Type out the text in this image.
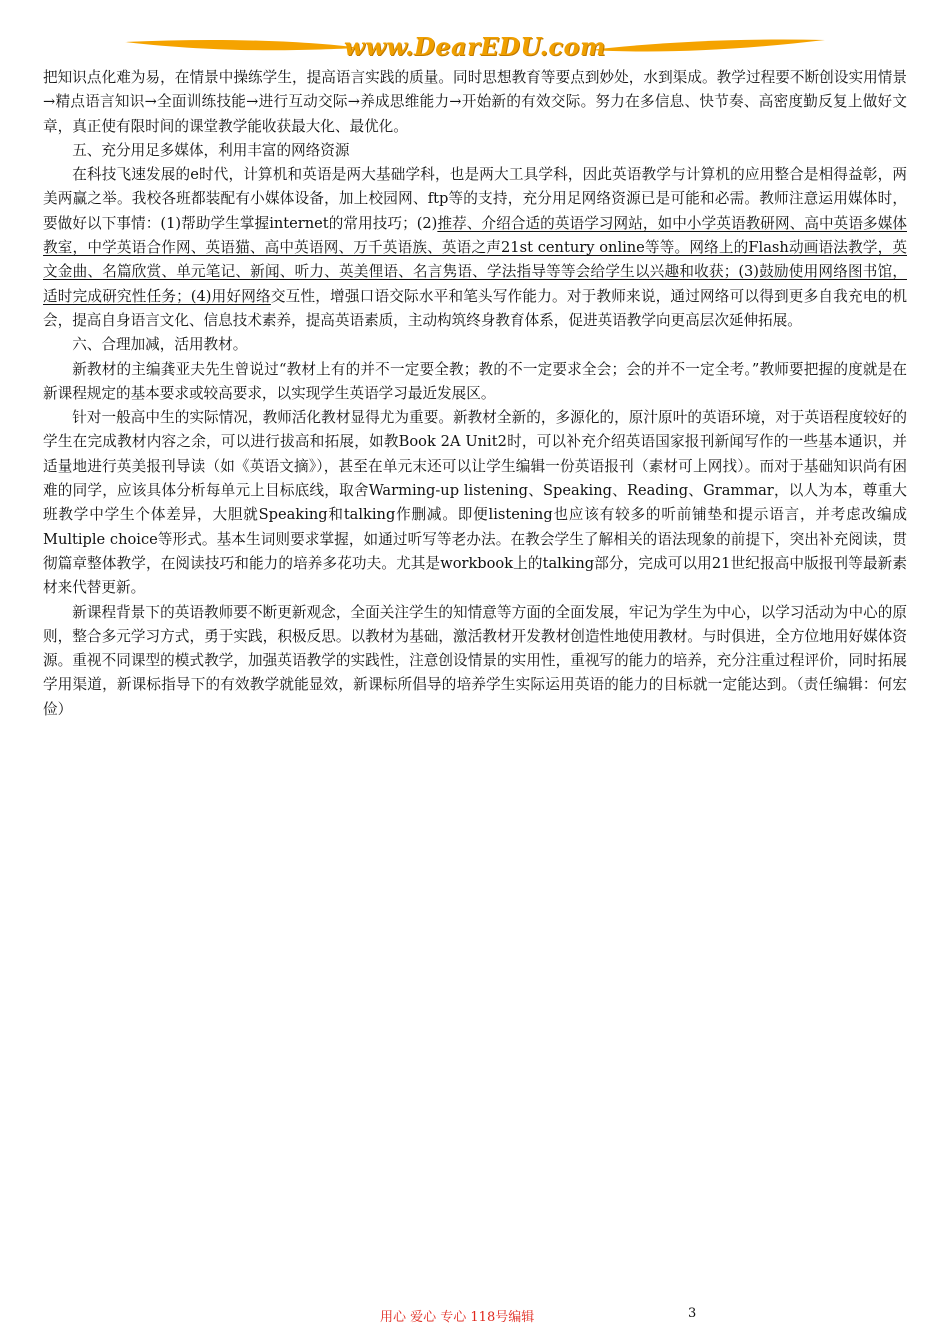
www.DearEDU.com

把知识点化难为易，在情景中操练学生，提高语言实践的质量。同时思想教育等要点到妙处，水到渠成。教学过程要不断创设实用情景→精点语言知识→全面训练技能→进行互动交际→养成思维能力→开始新的有效交际。努力在多信息、快节奏、高密度勤反复上做好文章，真正使有限时间的课堂教学能收获最大化、最优化。

五、充分用足多媒体，利用丰富的网络资源

在科技飞速发展的e时代，计算机和英语是两大基础学科，也是两大工具学科，因此英语教学与计算机的应用整合是相得益彰，两美两赢之举。我校各班都装配有小媒体设备，加上校园网、ftp等的支持，充分用足网络资源已是可能和必需。教师注意运用媒体时，要做好以下事情：(1)帮助学生掌握internet的常用技巧；(2)推荐、介绍合适的英语学习网站，如中小学英语教研网、高中英语多媒体教室，中学英语合作网、英语猫、高中英语网、万千英语族、英语之声21st century online等等。网络上的Flash动画语法教学，英文金曲、名篇欣赏、单元笔记、新闻、听力、英美俚语、名言隽语、学法指导等等会给学生以兴趣和收获；(3)鼓励使用网络图书馆，适时完成研究性任务；(4)用好网络交互性，增强口语交际水平和笔头写作能力。对于教师来说，通过网络可以得到更多自我充电的机会，提高自身语言文化、信息技术素养，提高英语素质，主动构筑终身教育体系，促进英语教学向更高层次延伸拓展。

六、合理加减，活用教材。

新教材的主编龚亚夫先生曾说过“教材上有的并不一定要全教；教的不一定要求全会；会的并不一定全考。”教师要把握的度就是在新课程规定的基本要求或较高要求，以实现学生英语学习最近发展区。

针对一般高中生的实际情况，教师活化教材显得尤为重要。新教材全新的，多源化的，原汁原叶的英语环境，对于英语程度较好的学生在完成教材内容之余，可以进行拔高和拓展，如教Book 2A Unit2时，可以补充介绍英语国家报刊新闻写作的一些基本通识，并适量地进行英美报刊导读（如《英语文摘》），甚至在单元末还可以让学生编辑一份英语报刊（素材可上网找）。而对于基础知识尚有困难的同学，应该具体分析每单元上目标底线，取舍Warming-up listening、Speaking、Reading、Grammar，以人为本，尊重大班教学中学生个体差异，大胆就Speaking和talking作删减。即便listening也应该有较多的听前铺垫和提示语言，并考虑改编成Multiple choice等形式。基本生词则要求掌握，如通过听写等老办法。在教会学生了解相关的语法现象的前提下，突出补充阅读，贯彻篇章整体教学，在阅读技巧和能力的培养多花功夫。尤其是workbook上的talking部分，完成可以用21世纪报高中版报刊等最新素材来代替更新。

新课程背景下的英语教师要不断更新观念，全面关注学生的知情意等方面的全面发展，牢记为学生为中心，以学习活动为中心的原则，整合多元学习方式，勇于实践，积极反思。以教材为基础，激活教材开发教材创造性地使用教材。与时俱进，全方位地用好媒体资源。重视不同课型的模式教学，加强英语教学的实践性，注意创设情景的实用性，重视写的能力的培养，充分注重过程评价，同时拓展学用渠道，新课标指导下的有效教学就能显效，新课标所倡导的培养学生实际运用英语的能力的目标就一定能达到。（责任编辑：何宏俭）

用心 爱心 专心 118号编辑	3
